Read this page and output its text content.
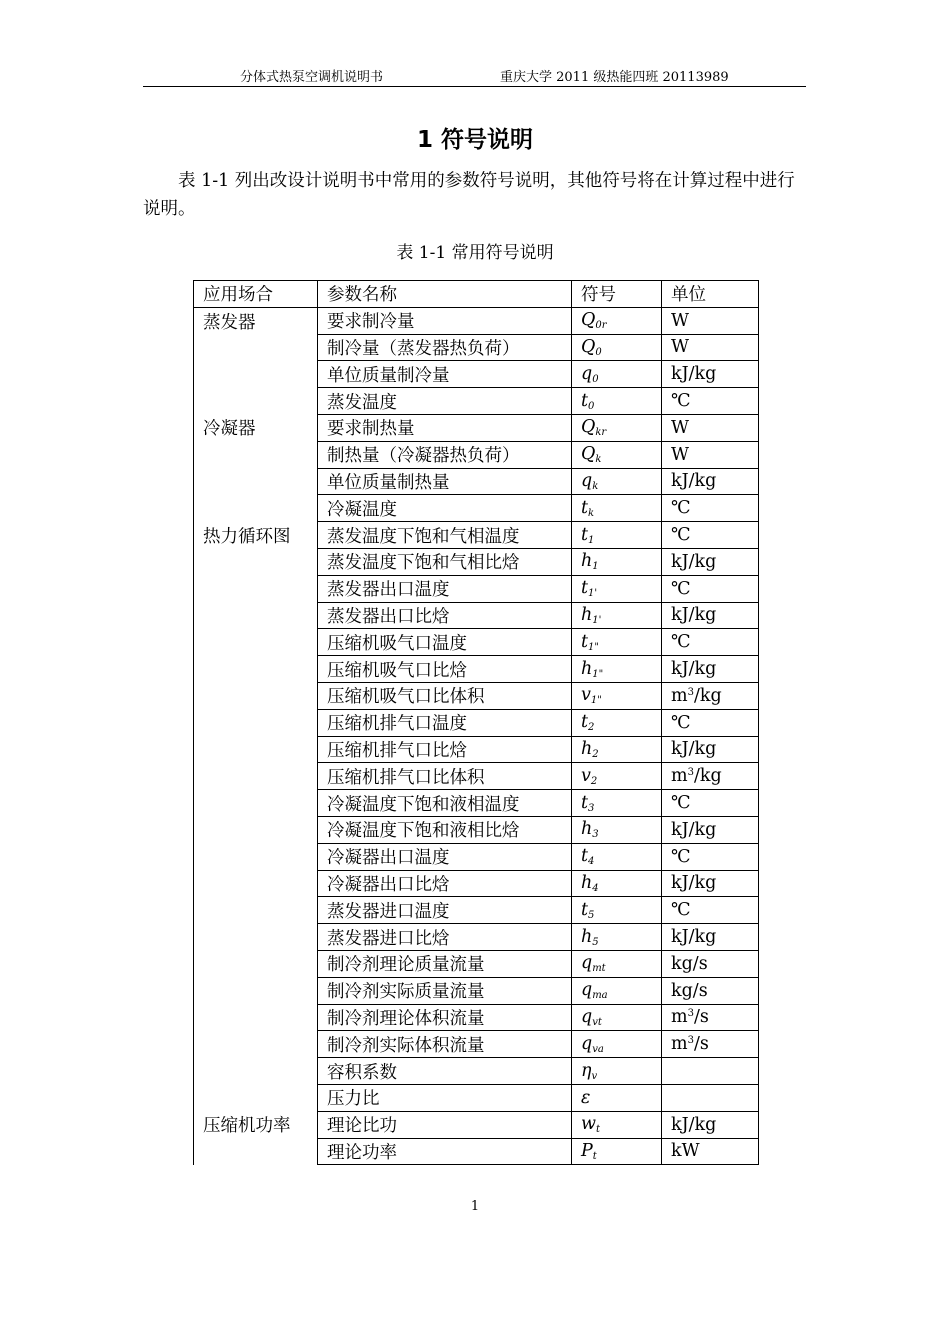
分体式热泵空调机说明书	重庆大学 2011 级热能四班 20113989
1 符号说明
表 1-1 列出改设计说明书中常用的参数符号说明，其他符号将在计算过程中进行说明。
表 1-1 常用符号说明
应用场合	参数名称	符号	单位
蒸发器	要求制冷量	$Q_{0r}$	W
	制冷量（蒸发器热负荷）	$Q_0$	W
	单位质量制冷量	$q_0$	kJ/kg
	蒸发温度	$t_0$	℃
冷凝器	要求制热量	$Q_{kr}$	W
	制热量（冷凝器热负荷）	$Q_k$	W
	单位质量制热量	$q_k$	kJ/kg
	冷凝温度	$t_k$	℃
热力循环图	蒸发温度下饱和气相温度	$t_1$	℃
	蒸发温度下饱和气相比焓	$h_1$	kJ/kg
	蒸发器出口温度	$t_{1'}$	℃
	蒸发器出口比焓	$h_{1'}$	kJ/kg
	压缩机吸气口温度	$t_{1"}$	℃
	压缩机吸气口比焓	$h_{1"}$	kJ/kg
	压缩机吸气口比体积	$v_{1"}$	$m^3/kg$
	压缩机排气口温度	$t_2$	℃
	压缩机排气口比焓	$h_2$	kJ/kg
	压缩机排气口比体积	$v_2$	$m^3/kg$
	冷凝温度下饱和液相温度	$t_3$	℃
	冷凝温度下饱和液相比焓	$h_3$	kJ/kg
	冷凝器出口温度	$t_4$	℃
	冷凝器出口比焓	$h_4$	kJ/kg
	蒸发器进口温度	$t_5$	℃
	蒸发器进口比焓	$h_5$	kJ/kg
	制冷剂理论质量流量	$q_{mt}$	kg/s
	制冷剂实际质量流量	$q_{ma}$	kg/s
	制冷剂理论体积流量	$q_{vt}$	$m^3/s$
	制冷剂实际体积流量	$q_{va}$	$m^3/s$
	容积系数	$\eta_v$	
	压力比	ε	
压缩机功率	理论比功	$w_t$	kJ/kg
	理论功率	$P_t$	kW
1
